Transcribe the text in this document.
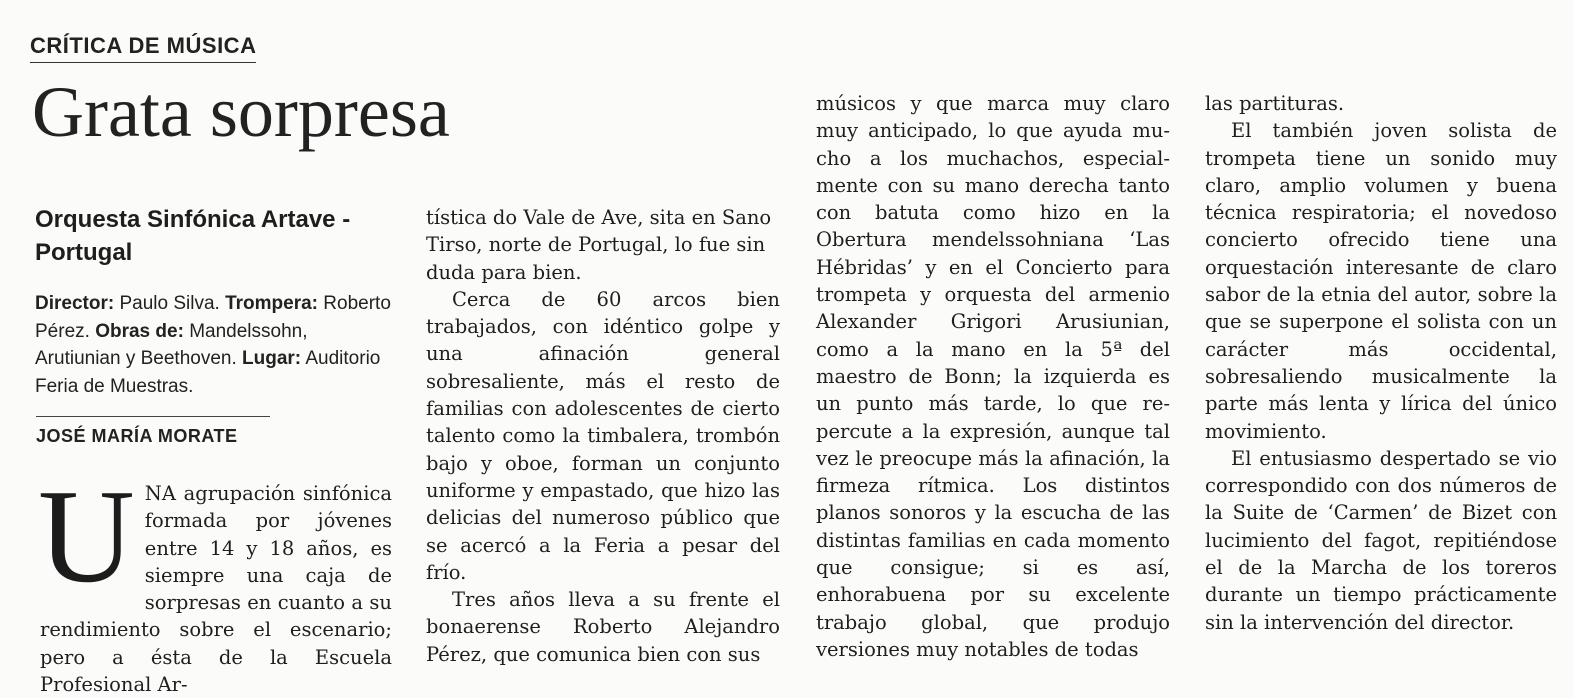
CRÍTICA DE MÚSICA
Grata sorpresa
Orquesta Sinfónica Artave - Portugal
Director: Paulo Silva. Trompera: Roberto Pérez. Obras de: Mandelssohn, Arutiunian y Beethoven. Lugar: Auditorio Feria de Muestras.
JOSÉ MARÍA MORATE

UNA agrupación sinfónica formada por jóvenes entre 14 y 18 años, es siempre una caja de sorpresas en cuanto a su rendimiento sobre el escenario; pero a ésta de la Escuela Profesional Ar-

tística do Vale de Ave, sita en Sano Tirso, norte de Portugal, lo fue sin duda para bien.

Cerca de 60 arcos bien trabajados, con idéntico golpe y una afinación general sobresaliente, más el resto de familias con adolescentes de cierto talento como la timbalera, trombón bajo y oboe, forman un conjunto uniforme y empastado, que hizo las delicias del numeroso público que se acercó a la Feria a pesar del frío.

Tres años lleva a su frente el bonaerense Roberto Alejandro Pérez, que comunica bien con sus

músicos y que marca muy claro muy anticipado, lo que ayuda mucho a los muchachos, especialmente con su mano derecha tanto con batuta como hizo en la Obertura mendelssohniana ‘Las Hébridas’ y en el Concierto para trompeta y orquesta del armenio Alexander Grigori Arusiunian, como a la mano en la 5ª del maestro de Bonn; la izquierda es un punto más tarde, lo que repercute a la expresión, aunque tal vez le preocupe más la afinación, la firmeza rítmica. Los distintos planos sonoros y la escucha de las distintas familias en cada momento que consigue; si es así, enhorabuena por su excelente trabajo global, que produjo versiones muy notables de todas

las partituras.

El también joven solista de trompeta tiene un sonido muy claro, amplio volumen y buena técnica respiratoria; el novedoso concierto ofrecido tiene una orquestación interesante de claro sabor de la etnia del autor, sobre la que se superpone el solista con un carácter más occidental, sobresaliendo musicalmente la parte más lenta y lírica del único movimiento.

El entusiasmo despertado se vio correspondido con dos números de la Suite de ‘Carmen’ de Bizet con lucimiento del fagot, repitiéndose el de la Marcha de los toreros durante un tiempo prácticamente sin la intervención del director.
